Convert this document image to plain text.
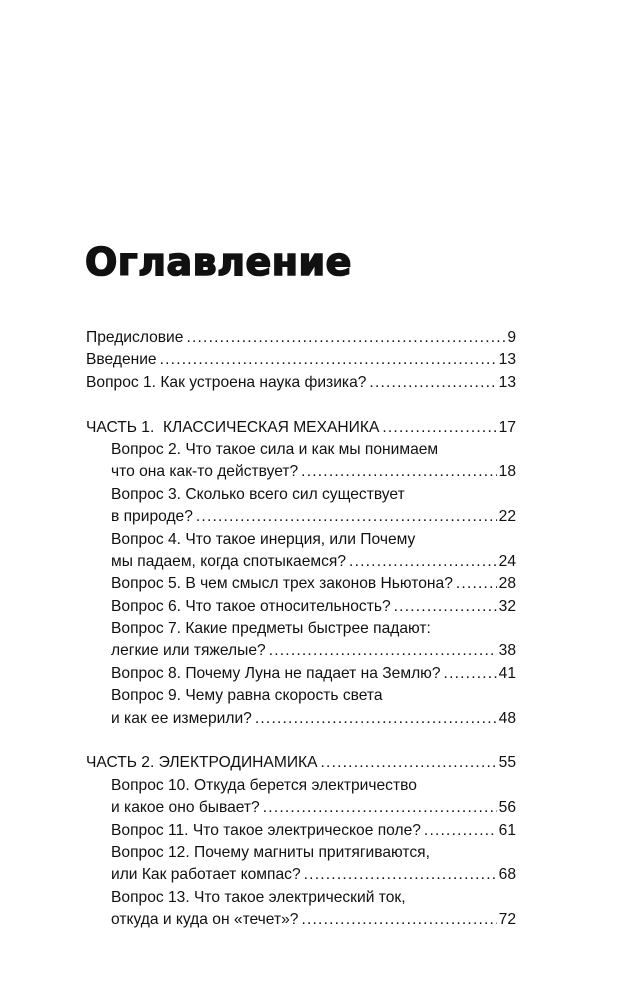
Оглавление
Предисловие .....	9
Введение .....	13
Вопрос 1. Как устроена наука физика? .....	13
ЧАСТЬ 1.  КЛАССИЧЕСКАЯ МЕХАНИКА .....	17
Вопрос 2. Что такое сила и как мы понимаем
что она как-то действует? .....	18
Вопрос 3. Сколько всего сил существует
в природе? .....	22
Вопрос 4. Что такое инерция, или Почему
мы падаем, когда спотыкаемся? .....	24
Вопрос 5. В чем смысл трех законов Ньютона? .....	28
Вопрос 6. Что такое относительность? .....	32
Вопрос 7. Какие предметы быстрее падают:
легкие или тяжелые? .....	38
Вопрос 8. Почему Луна не падает на Землю? .....	41
Вопрос 9. Чему равна скорость света
и как ее измерили? .....	48
ЧАСТЬ 2. ЭЛЕКТРОДИНАМИКА .....	55
Вопрос 10. Откуда берется электричество
и какое оно бывает? .....	56
Вопрос 11. Что такое электрическое поле? .....	61
Вопрос 12. Почему магниты притягиваются,
или Как работает компас? .....	68
Вопрос 13. Что такое электрический ток,
откуда и куда он «течет»? .....	72
